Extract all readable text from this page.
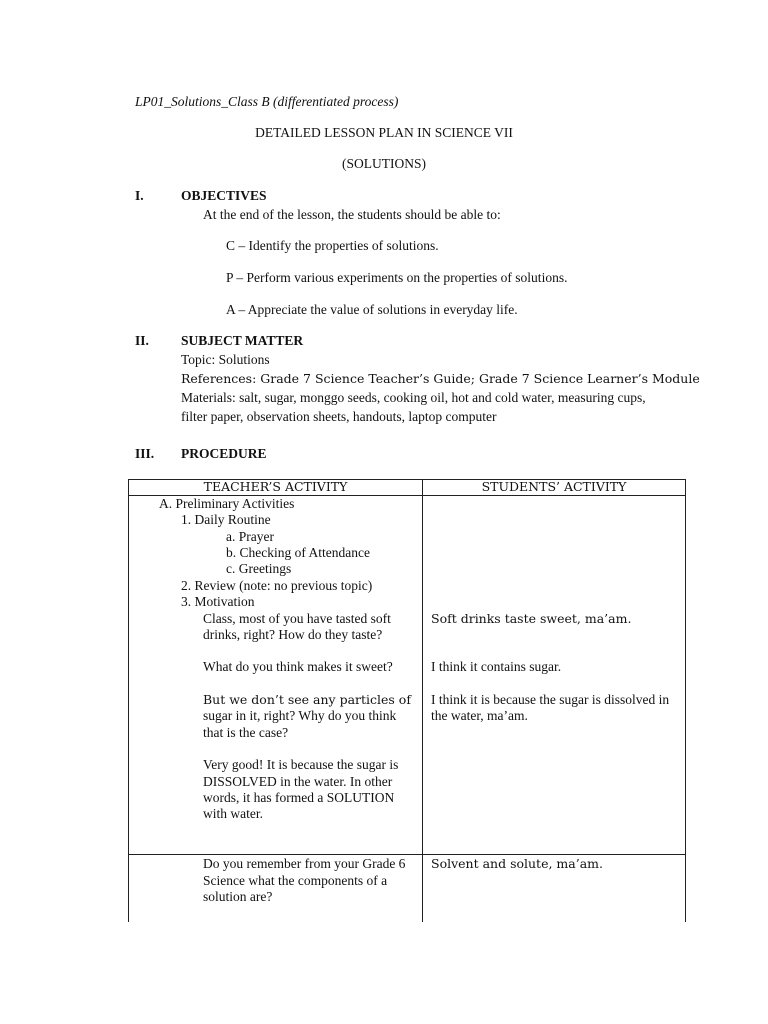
LP01_Solutions_Class B (differentiated process)
DETAILED LESSON PLAN IN SCIENCE VII
(SOLUTIONS)
I.	OBJECTIVES
At the end of the lesson, the students should be able to:
C – Identify the properties of solutions.
P – Perform various experiments on the properties of solutions.
A – Appreciate the value of solutions in everyday life.
II. SUBJECT MATTER
Topic: Solutions
References: Grade 7 Science Teacher’s Guide; Grade 7 Science Learner’s Module
Materials: salt, sugar, monggo seeds, cooking oil, hot and cold water, measuring cups,
filter paper, observation sheets, handouts, laptop computer
III. PROCEDURE
TEACHER’S ACTIVITY	STUDENTS’ ACTIVITY
A. Preliminary Activities
1. Daily Routine
a. Prayer
b. Checking of Attendance
c. Greetings
2. Review (note: no previous topic)
3. Motivation
Class, most of you have tasted soft
drinks, right? How do they taste?
What do you think makes it sweet?
But we don’t see any particles of
sugar in it, right? Why do you think
that is the case?
Very good! It is because the sugar is
DISSOLVED in the water. In other
words, it has formed a SOLUTION
with water.
Do you remember from your Grade 6
Science what the components of a
solution are?
Soft drinks taste sweet, ma’am.
I think it contains sugar.
I think it is because the sugar is dissolved in
the water, ma’am.
Solvent and solute, ma’am.
